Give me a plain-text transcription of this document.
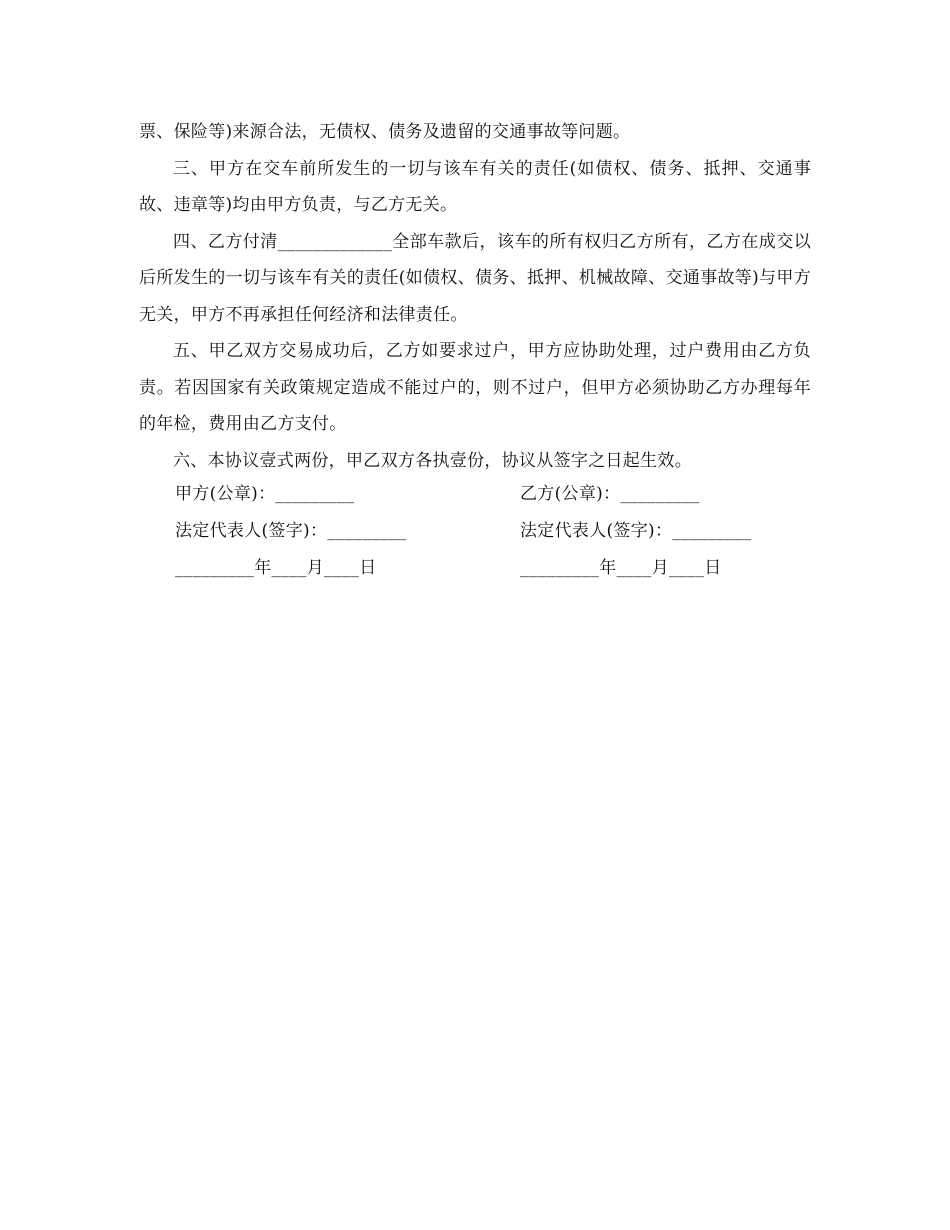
票、保险等)来源合法，无债权、债务及遗留的交通事故等问题。

三、甲方在交车前所发生的一切与该车有关的责任(如债权、债务、抵押、交通事故、违章等)均由甲方负责，与乙方无关。

四、乙方付清_____________全部车款后，该车的所有权归乙方所有，乙方在成交以后所发生的一切与该车有关的责任(如债权、债务、抵押、机械故障、交通事故等)与甲方无关，甲方不再承担任何经济和法律责任。

五、甲乙双方交易成功后，乙方如要求过户，甲方应协助处理，过户费用由乙方负责。若因国家有关政策规定造成不能过户的，则不过户，但甲方必须协助乙方办理每年的年检，费用由乙方支付。

六、本协议壹式两份，甲乙双方各执壹份，协议从签字之日起生效。

甲方(公章)：_________	乙方(公章)：_________
法定代表人(签字)：_________	法定代表人(签字)：_________
_________年____月____日	_________年____月____日
